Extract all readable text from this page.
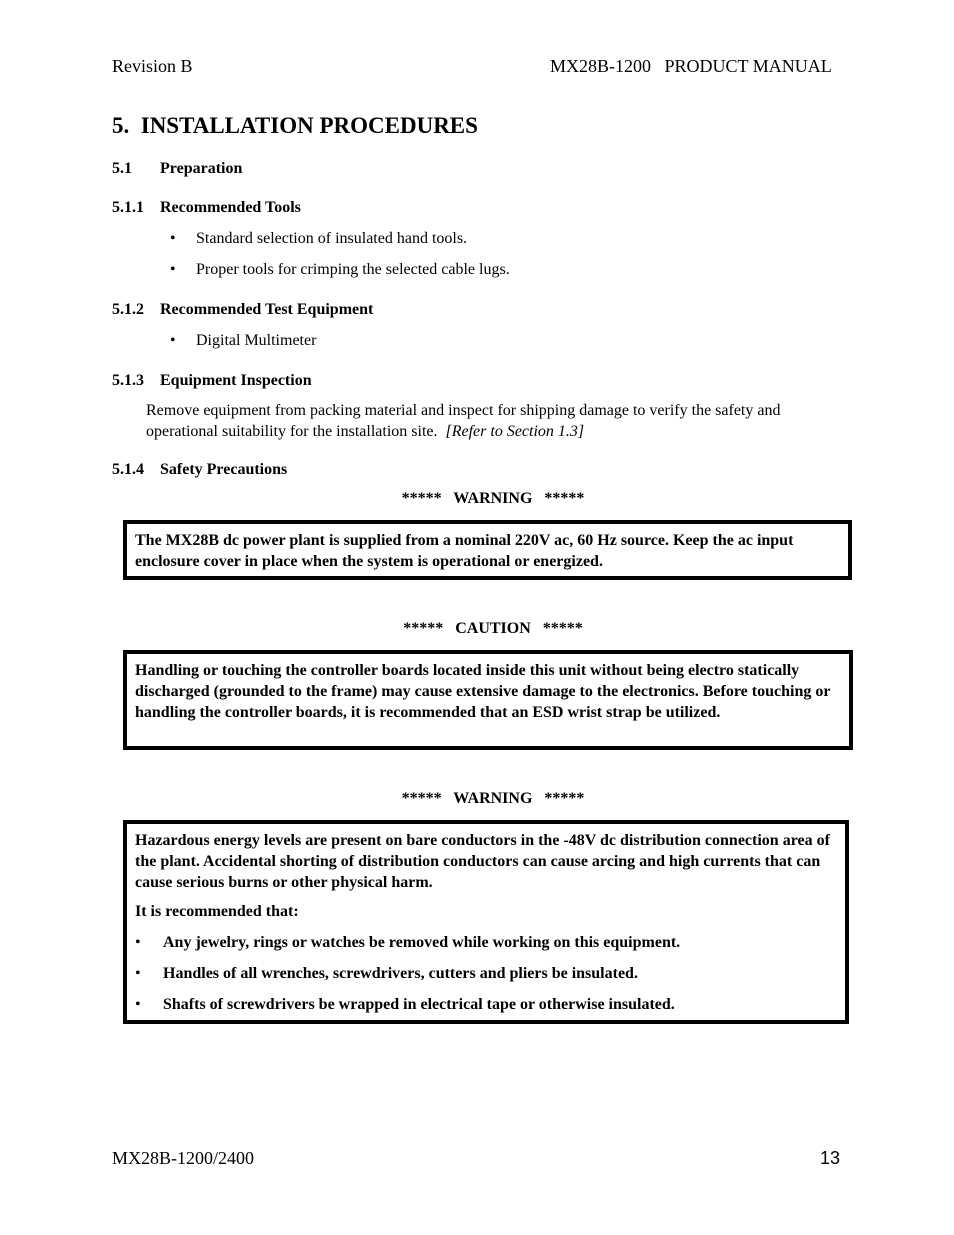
Revision B	MX28B-1200   PRODUCT MANUAL
5.  INSTALLATION PROCEDURES
5.1 Preparation
5.1.1 Recommended Tools
• Standard selection of insulated hand tools.
• Proper tools for crimping the selected cable lugs.
5.1.2 Recommended Test Equipment
• Digital Multimeter
5.1.3 Equipment Inspection
Remove equipment from packing material and inspect for shipping damage to verify the safety and operational suitability for the installation site. [Refer to Section 1.3]
5.1.4 Safety Precautions
*****   WARNING   *****

The MX28B dc power plant is supplied from a nominal 220V ac, 60 Hz source. Keep the ac input enclosure cover in place when the system is operational or energized.

*****   CAUTION   *****

Handling or touching the controller boards located inside this unit without being electro statically discharged (grounded to the frame) may cause extensive damage to the electronics. Before touching or handling the controller boards, it is recommended that an ESD wrist strap be utilized.

*****   WARNING   *****

Hazardous energy levels are present on bare conductors in the -48V dc distribution connection area of the plant. Accidental shorting of distribution conductors can cause arcing and high currents that can cause serious burns or other physical harm.

It is recommended that:

• Any jewelry, rings or watches be removed while working on this equipment.

• Handles of all wrenches, screwdrivers, cutters and pliers be insulated.

• Shafts of screwdrivers be wrapped in electrical tape or otherwise insulated.

MX28B-1200/2400	13
